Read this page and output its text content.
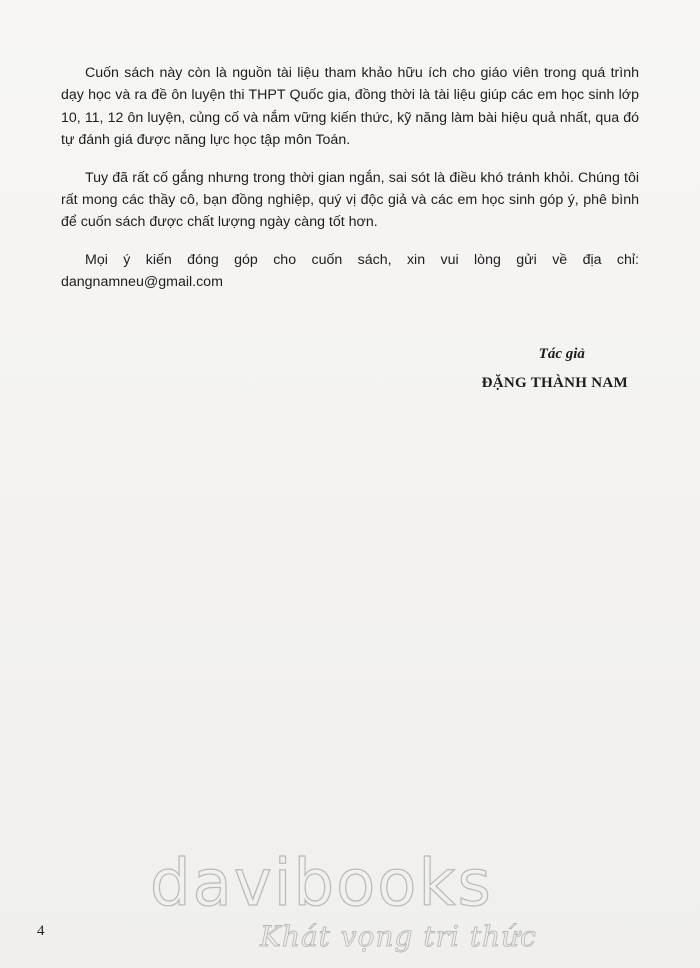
Cuốn sách này còn là nguồn tài liệu tham khảo hữu ích cho giáo viên trong quá trình dạy học và ra đề ôn luyện thi THPT Quốc gia, đồng thời là tài liệu giúp các em học sinh lớp 10, 11, 12 ôn luyện, củng cố và nắm vững kiến thức, kỹ năng làm bài hiệu quả nhất, qua đó tự đánh giá được năng lực học tập môn Toán.

Tuy đã rất cố gắng nhưng trong thời gian ngắn, sai sót là điều khó tránh khỏi. Chúng tôi rất mong các thầy cô, bạn đồng nghiệp, quý vị độc giả và các em học sinh góp ý, phê bình để cuốn sách được chất lượng ngày càng tốt hơn.

Mọi ý kiến đóng góp cho cuốn sách, xin vui lòng gửi về địa chỉ: dangnamneu@gmail.com

Tác giả
ĐẶNG THÀNH NAM
davibooks
Khát vọng tri thức
4
